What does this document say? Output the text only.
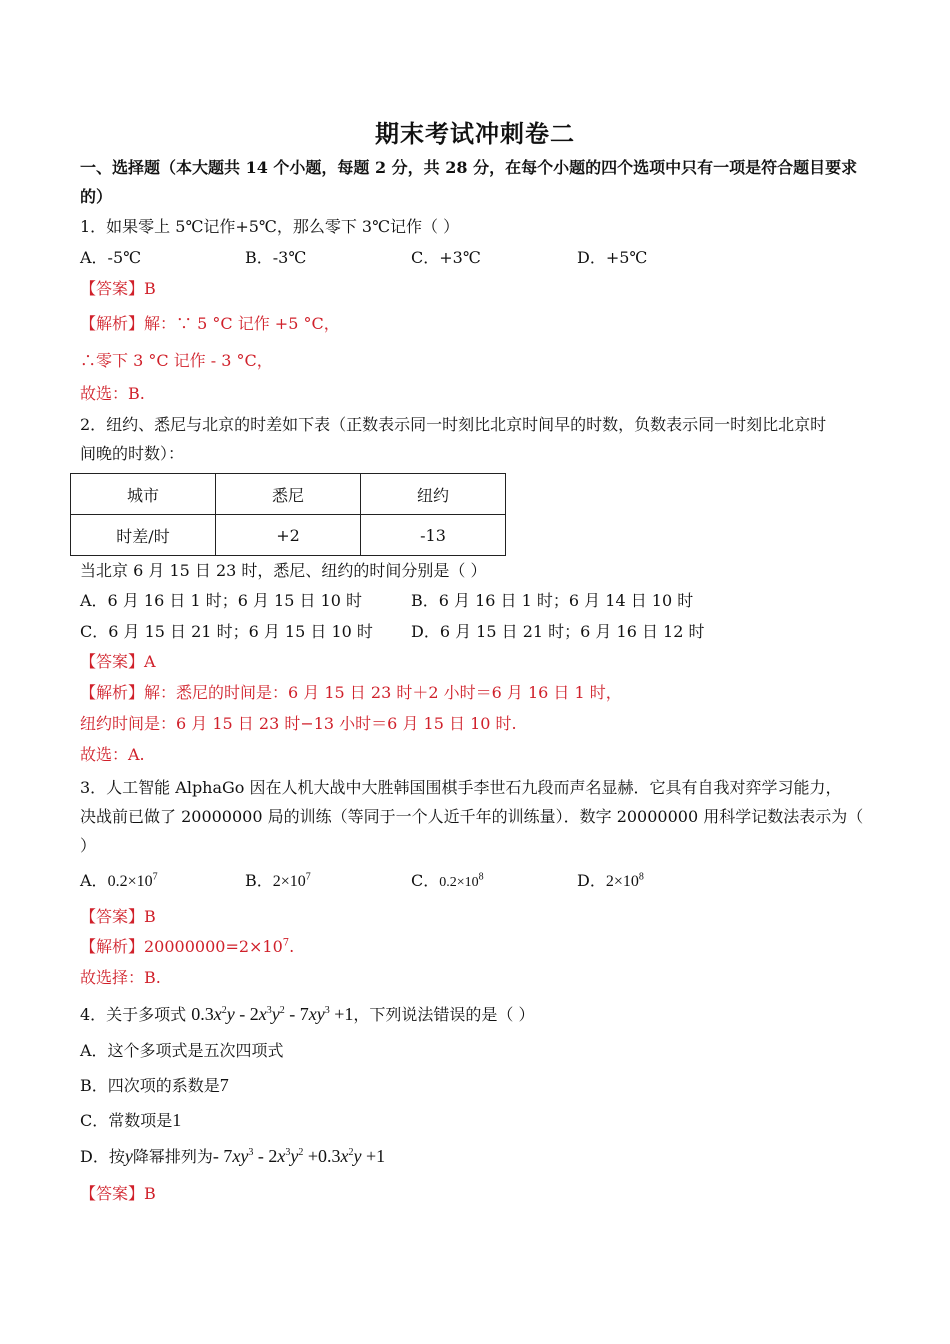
期末考试冲刺卷二
一、选择题（本大题共 14 个小题，每题 2 分，共 28 分，在每个小题的四个选项中只有一项是符合题目要求
的）
1．如果零上 5℃记作+5℃，那么零下 3℃记作（ ）
A．-5℃	B．-3℃	C．+3℃	D．+5℃
【答案】B
【解析】解：∵ 5 °C 记作 +5 °C，
∴零下 3 °C 记作 - 3 °C，
故选：B.
2．纽约、悉尼与北京的时差如下表（正数表示同一时刻比北京时间早的时数，负数表示同一时刻比北京时
间晚的时数）：
城市	悉尼	纽约
时差/时	+2	-13
当北京 6 月 15 日 23 时，悉尼、纽约的时间分别是（ ）
A．6 月 16 日 1 时；6 月 15 日 10 时	B．6 月 16 日 1 时；6 月 14 日 10 时
C．6 月 15 日 21 时；6 月 15 日 10 时 D．6 月 15 日 21 时；6 月 16 日 12 时
【答案】A
【解析】解：悉尼的时间是：6 月 15 日 23 时＋2 小时＝6 月 16 日 1 时，
纽约时间是：6 月 15 日 23 时−13 小时＝6 月 15 日 10 时.
故选：A.
3．人工智能 AlphaGo 因在人机大战中大胜韩国围棋手李世石九段而声名显赫．它具有自我对弈学习能力，
决战前已做了 20000000 局的训练（等同于一个人近千年的训练量）．数字 20000000 用科学记数法表示为（
）
A．$0.2\times 10^7$	B．$2\times 10^7$	C．$0.2\times 10^8$	D．$2\times 10^8$
【答案】B
【解析】$20000000=2\times 10^7$.
故选择：B.
4．关于多项式 $0.3x^2y - 2x^3y^2 - 7xy^3 +1$，下列说法错误的是（ ）
A．这个多项式是五次四项式
B．四次项的系数是7
C．常数项是1
D．按y降幂排列为- $7xy^3 - 2x^3y^2 +0.3x^2y +1$
【答案】B
